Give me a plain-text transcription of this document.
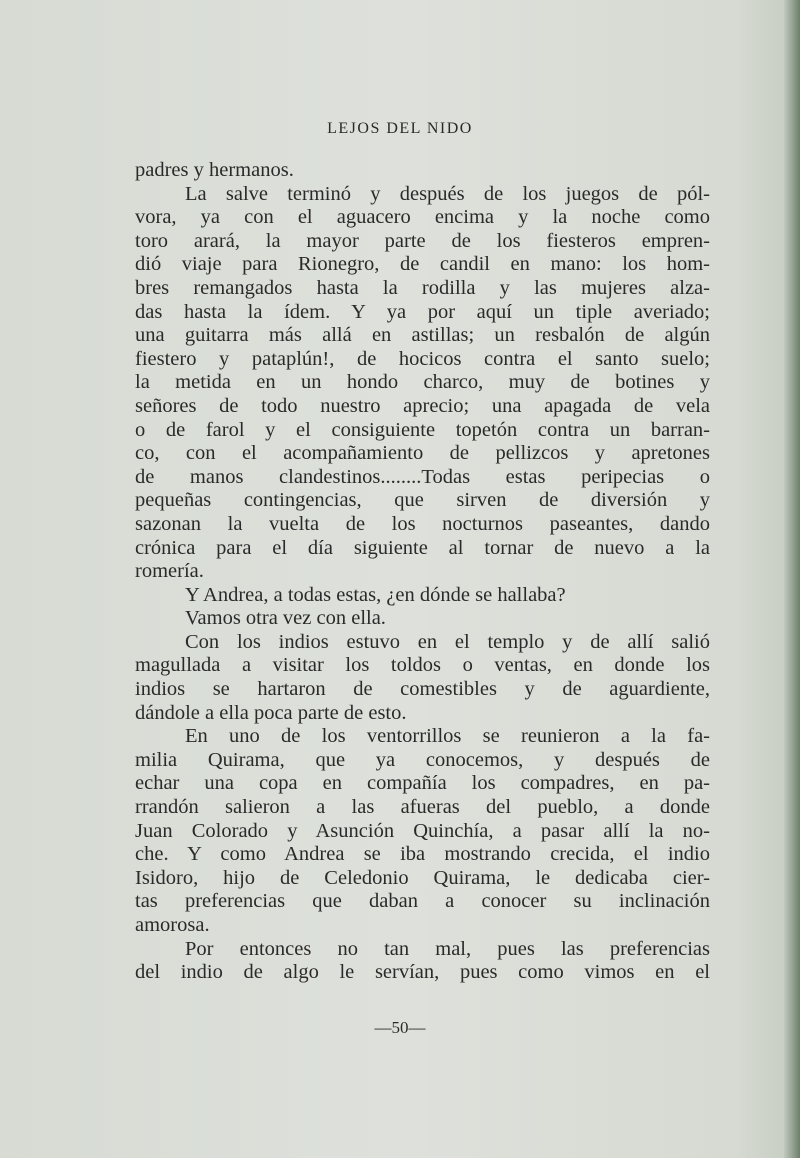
LEJOS DEL NIDO
padres y hermanos.
La salve terminó y después de los juegos de pól-
vora, ya con el aguacero encima y la noche como
toro arará, la mayor parte de los fiesteros empren-
dió viaje para Rionegro, de candil en mano: los hom-
bres remangados hasta la rodilla y las mujeres alza-
das hasta la ídem. Y ya por aquí un tiple averiado;
una guitarra más allá en astillas; un resbalón de algún
fiestero y pataplún!, de hocicos contra el santo suelo;
la metida en un hondo charco, muy de botines y
señores de todo nuestro aprecio; una apagada de vela
o de farol y el consiguiente topetón contra un barran-
co, con el acompañamiento de pellizcos y apretones
de manos clandestinos........Todas estas peripecias o
pequeñas contingencias, que sirven de diversión y
sazonan la vuelta de los nocturnos paseantes, dando
crónica para el día siguiente al tornar de nuevo a la
romería.
Y Andrea, a todas estas, ¿en dónde se hallaba?
Vamos otra vez con ella.
Con los indios estuvo en el templo y de allí salió
magullada a visitar los toldos o ventas, en donde los
indios se hartaron de comestibles y de aguardiente,
dándole a ella poca parte de esto.
En uno de los ventorrillos se reunieron a la fa-
milia Quirama, que ya conocemos, y después de
echar una copa en compañía los compadres, en pa-
rrandón salieron a las afueras del pueblo, a donde
Juan Colorado y Asunción Quinchía, a pasar allí la no-
che. Y como Andrea se iba mostrando crecida, el indio
Isidoro, hijo de Celedonio Quirama, le dedicaba cier-
tas preferencias que daban a conocer su inclinación
amorosa.
Por entonces no tan mal, pues las preferencias
del indio de algo le servían, pues como vimos en el
—50—
